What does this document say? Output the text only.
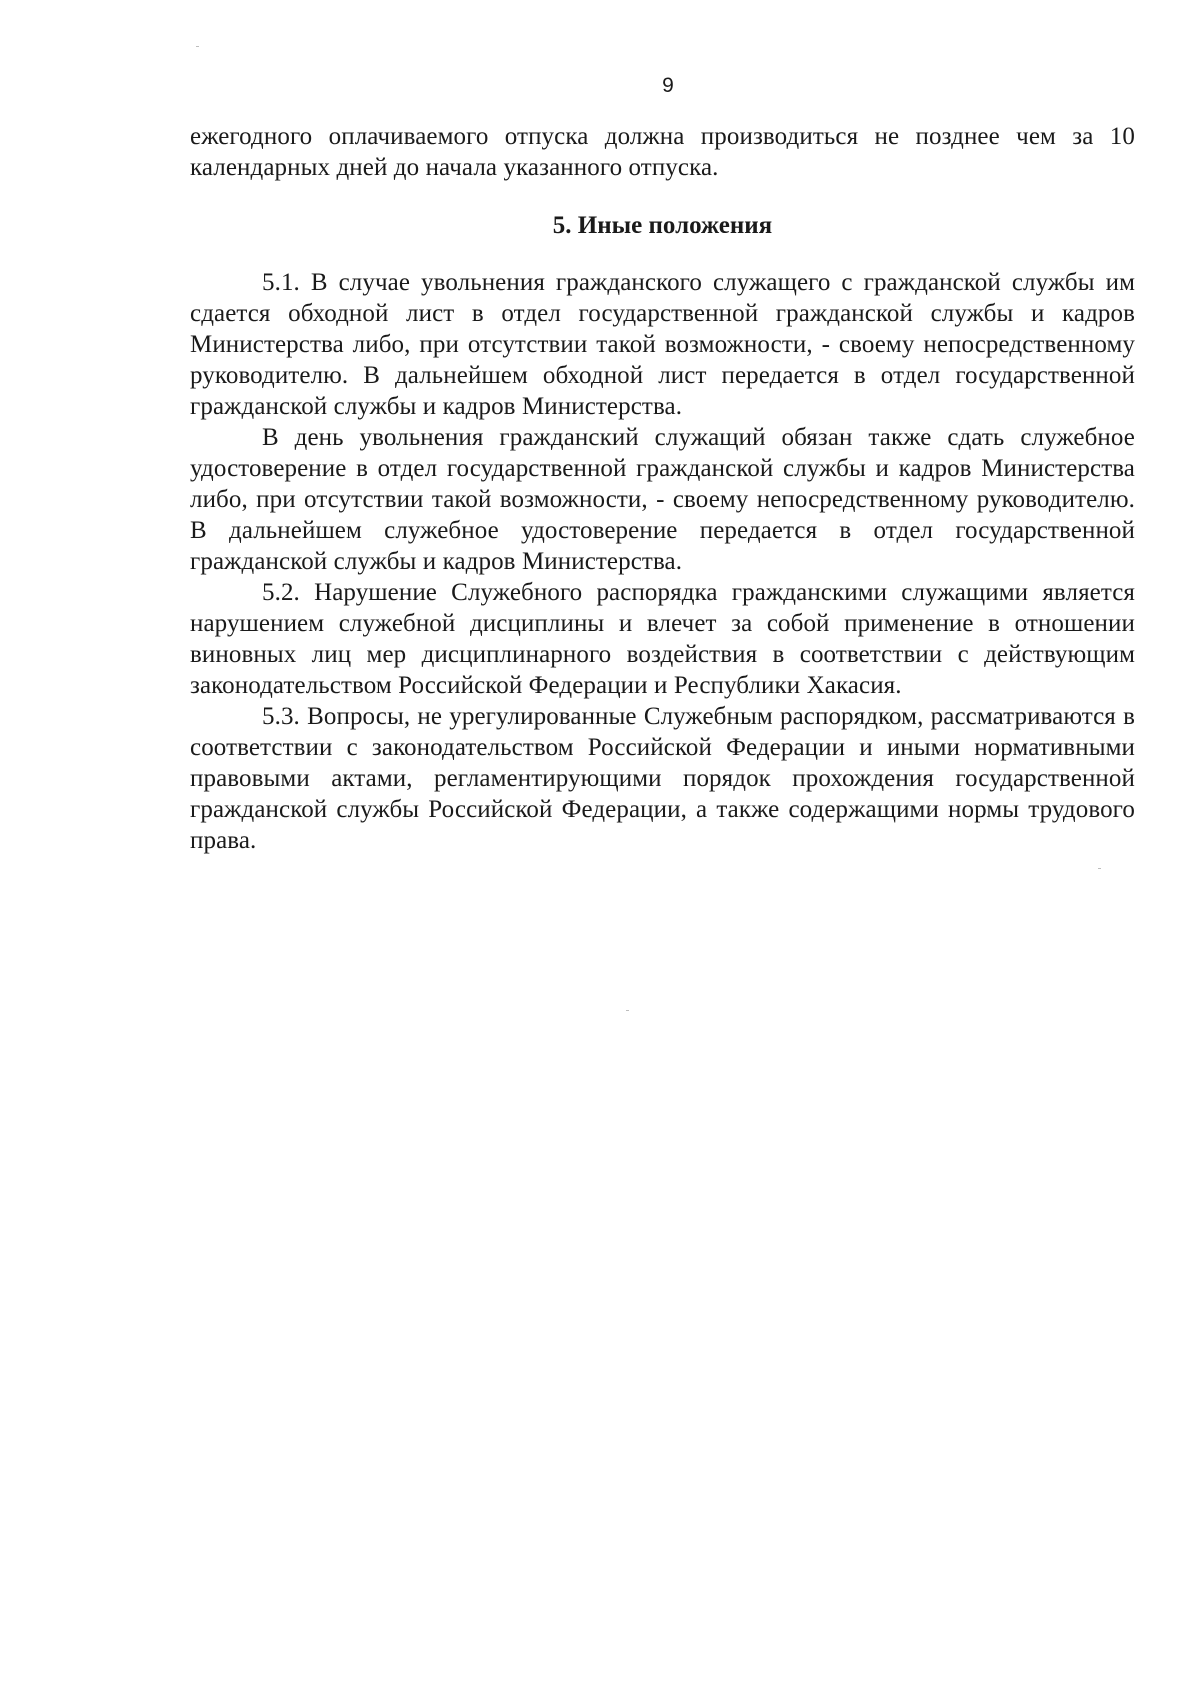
9
ежегодного оплачиваемого отпуска должна производиться не позднее чем за 10 календарных дней до начала указанного отпуска.
5. Иные положения

5.1. В случае увольнения гражданского служащего с гражданской службы им сдается обходной лист в отдел государственной гражданской службы и кадров Министерства либо, при отсутствии такой возможности, - своему непосредственному руководителю. В дальнейшем обходной лист передается в отдел государственной гражданской службы и кадров Министерства.

В день увольнения гражданский служащий обязан также сдать служебное удостоверение в отдел государственной гражданской службы и кадров Министерства либо, при отсутствии такой возможности, - своему непосредственному руководителю. В дальнейшем служебное удостоверение передается в отдел государственной гражданской службы и кадров Министерства.

5.2. Нарушение Служебного распорядка гражданскими служащими является нарушением служебной дисциплины и влечет за собой применение в отношении виновных лиц мер дисциплинарного воздействия в соответствии с действующим законодательством Российской Федерации и Республики Хакасия.

5.3. Вопросы, не урегулированные Служебным распорядком, рассматриваются в соответствии с законодательством Российской Федерации и иными нормативными правовыми актами, регламентирующими порядок прохождения государственной гражданской службы Российской Федерации, а также содержащими нормы трудового права.
